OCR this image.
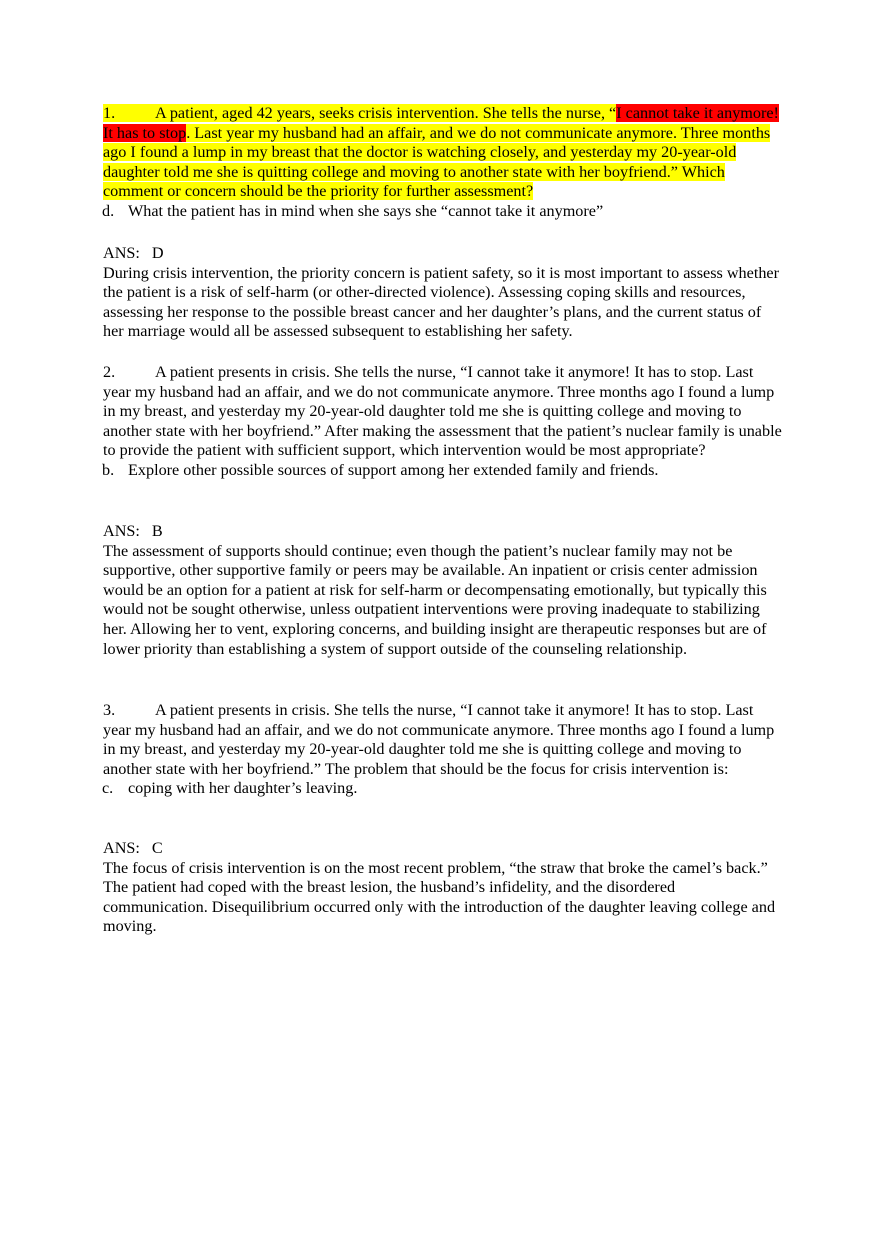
1. A patient, aged 42 years, seeks crisis intervention. She tells the nurse, “I cannot take it anymore! It has to stop. Last year my husband had an affair, and we do not communicate anymore. Three months ago I found a lump in my breast that the doctor is watching closely, and yesterday my 20-year-old daughter told me she is quitting college and moving to another state with her boyfriend.” Which comment or concern should be the priority for further assessment?

d. What the patient has in mind when she says she “cannot take it anymore”

ANS: D

During crisis intervention, the priority concern is patient safety, so it is most important to assess whether the patient is a risk of self-harm (or other-directed violence). Assessing coping skills and resources, assessing her response to the possible breast cancer and her daughter’s plans, and the current status of her marriage would all be assessed subsequent to establishing her safety.

2. A patient presents in crisis. She tells the nurse, “I cannot take it anymore! It has to stop. Last year my husband had an affair, and we do not communicate anymore. Three months ago I found a lump in my breast, and yesterday my 20-year-old daughter told me she is quitting college and moving to another state with her boyfriend.” After making the assessment that the patient’s nuclear family is unable to provide the patient with sufficient support, which intervention would be most appropriate?

b. Explore other possible sources of support among her extended family and friends.

ANS: B

The assessment of supports should continue; even though the patient’s nuclear family may not be supportive, other supportive family or peers may be available. An inpatient or crisis center admission would be an option for a patient at risk for self-harm or decompensating emotionally, but typically this would not be sought otherwise, unless outpatient interventions were proving inadequate to stabilizing her. Allowing her to vent, exploring concerns, and building insight are therapeutic responses but are of lower priority than establishing a system of support outside of the counseling relationship.

3. A patient presents in crisis. She tells the nurse, “I cannot take it anymore! It has to stop. Last year my husband had an affair, and we do not communicate anymore. Three months ago I found a lump in my breast, and yesterday my 20-year-old daughter told me she is quitting college and moving to another state with her boyfriend.” The problem that should be the focus for crisis intervention is:

c. coping with her daughter’s leaving.

ANS: C

The focus of crisis intervention is on the most recent problem, “the straw that broke the camel’s back.” The patient had coped with the breast lesion, the husband’s infidelity, and the disordered communication. Disequilibrium occurred only with the introduction of the daughter leaving college and moving.
